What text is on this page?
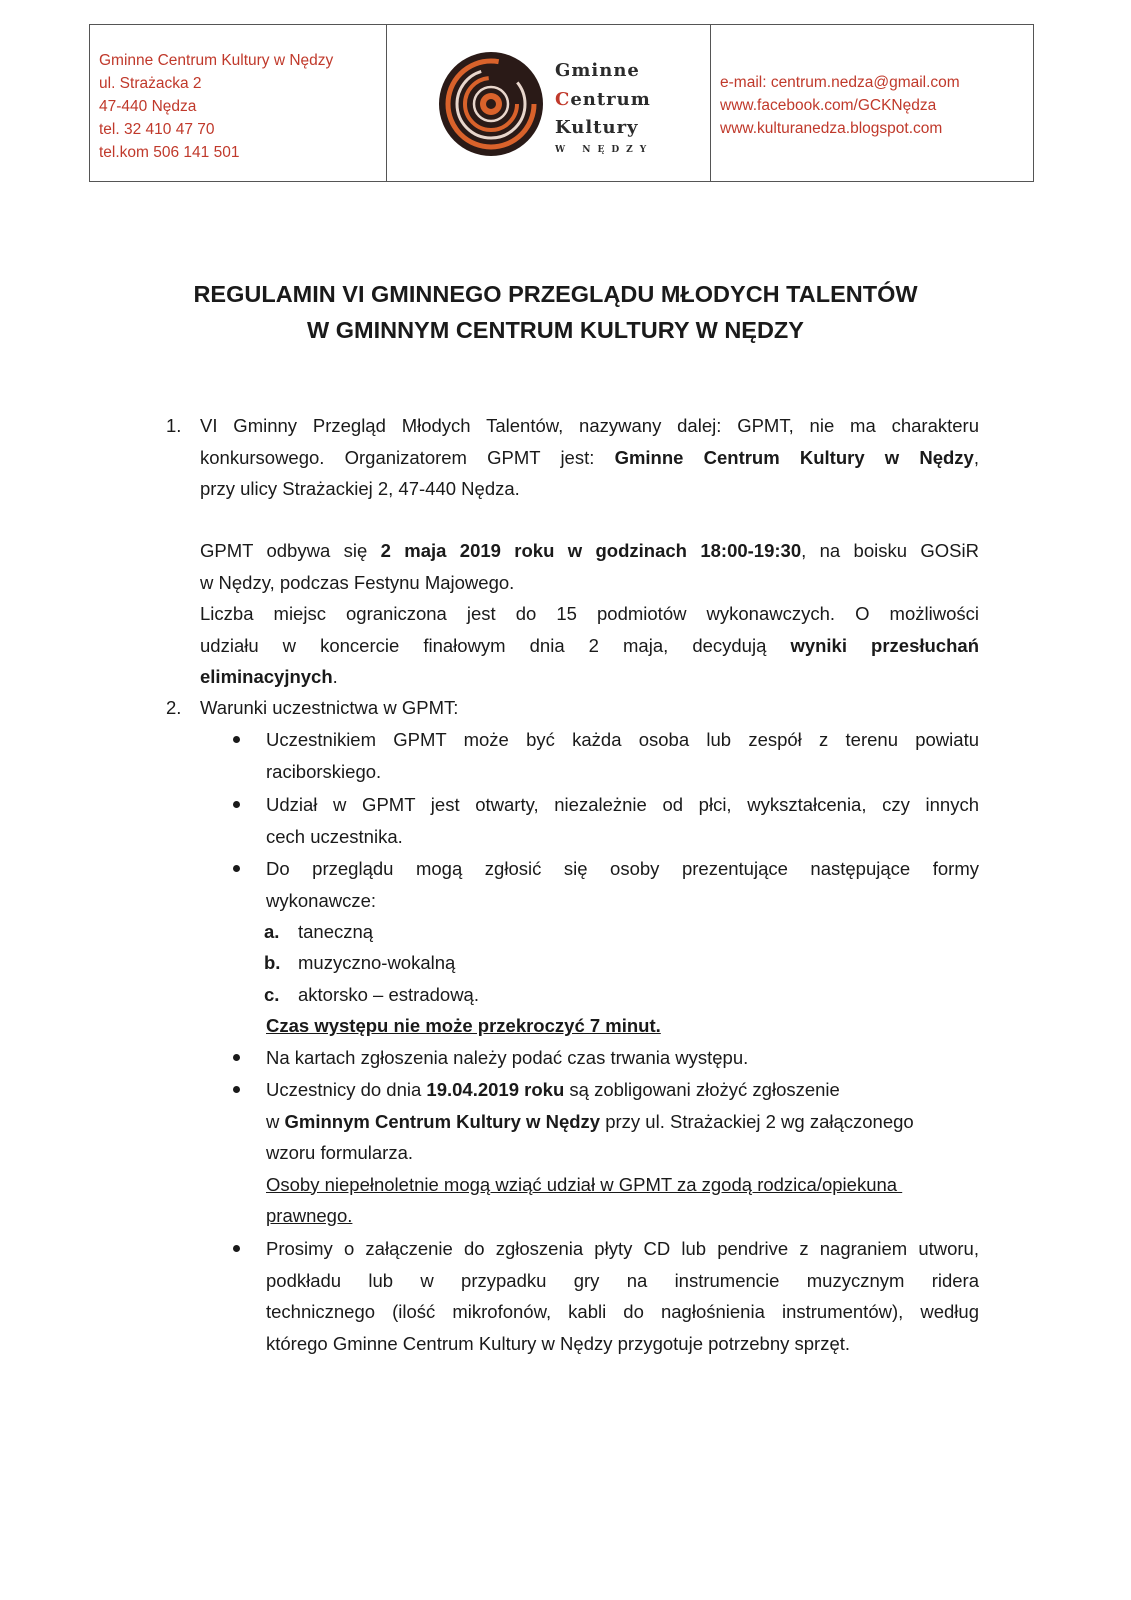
Gminne Centrum Kultury w Nędzy
ul. Strażacka 2
47-440 Nędza
tel. 32 410 47 70
tel.kom 506 141 501
Gminne
Centrum
Kultury
W NĘDZY
e-mail: centrum.nedza@gmail.com
www.facebook.com/GCKNędza
www.kulturanedza.blogspot.com
REGULAMIN VI GMINNEGO PRZEGLĄDU MŁODYCH TALENTÓW
W GMINNYM CENTRUM KULTURY W NĘDZY
1. VI Gminny Przegląd Młodych Talentów, nazywany dalej: GPMT, nie ma charakteru
konkursowego. Organizatorem GPMT jest: Gminne Centrum Kultury w Nędzy,
przy ulicy Strażackiej 2, 47-440 Nędza.
GPMT odbywa się 2 maja 2019 roku w godzinach 18:00-19:30, na boisku GOSiR
w Nędzy, podczas Festynu Majowego.
Liczba miejsc ograniczona jest do 15 podmiotów wykonawczych. O możliwości
udziału w koncercie finałowym dnia 2 maja, decydują wyniki przesłuchań
eliminacyjnych.
2. Warunki uczestnictwa w GPMT:
Uczestnikiem GPMT może być każda osoba lub zespół z terenu powiatu
raciborskiego.
Udział w GPMT jest otwarty, niezależnie od płci, wykształcenia, czy innych
cech uczestnika.
Do przeglądu mogą zgłosić się osoby prezentujące następujące formy
wykonawcze:
a. taneczną
b. muzyczno-wokalną
c. aktorsko – estradową.
Czas występu nie może przekroczyć 7 minut.
Na kartach zgłoszenia należy podać czas trwania występu.
Uczestnicy do dnia 19.04.2019 roku są zobligowani złożyć zgłoszenie
w Gminnym Centrum Kultury w Nędzy przy ul. Strażackiej 2 wg załączonego
wzoru formularza.
Osoby niepełnoletnie mogą wziąć udział w GPMT za zgodą rodzica/opiekuna
prawnego.
Prosimy o załączenie do zgłoszenia płyty CD lub pendrive z nagraniem utworu,
podkładu lub w przypadku gry na instrumencie muzycznym ridera
technicznego (ilość mikrofonów, kabli do nagłośnienia instrumentów), według
którego Gminne Centrum Kultury w Nędzy przygotuje potrzebny sprzęt.
